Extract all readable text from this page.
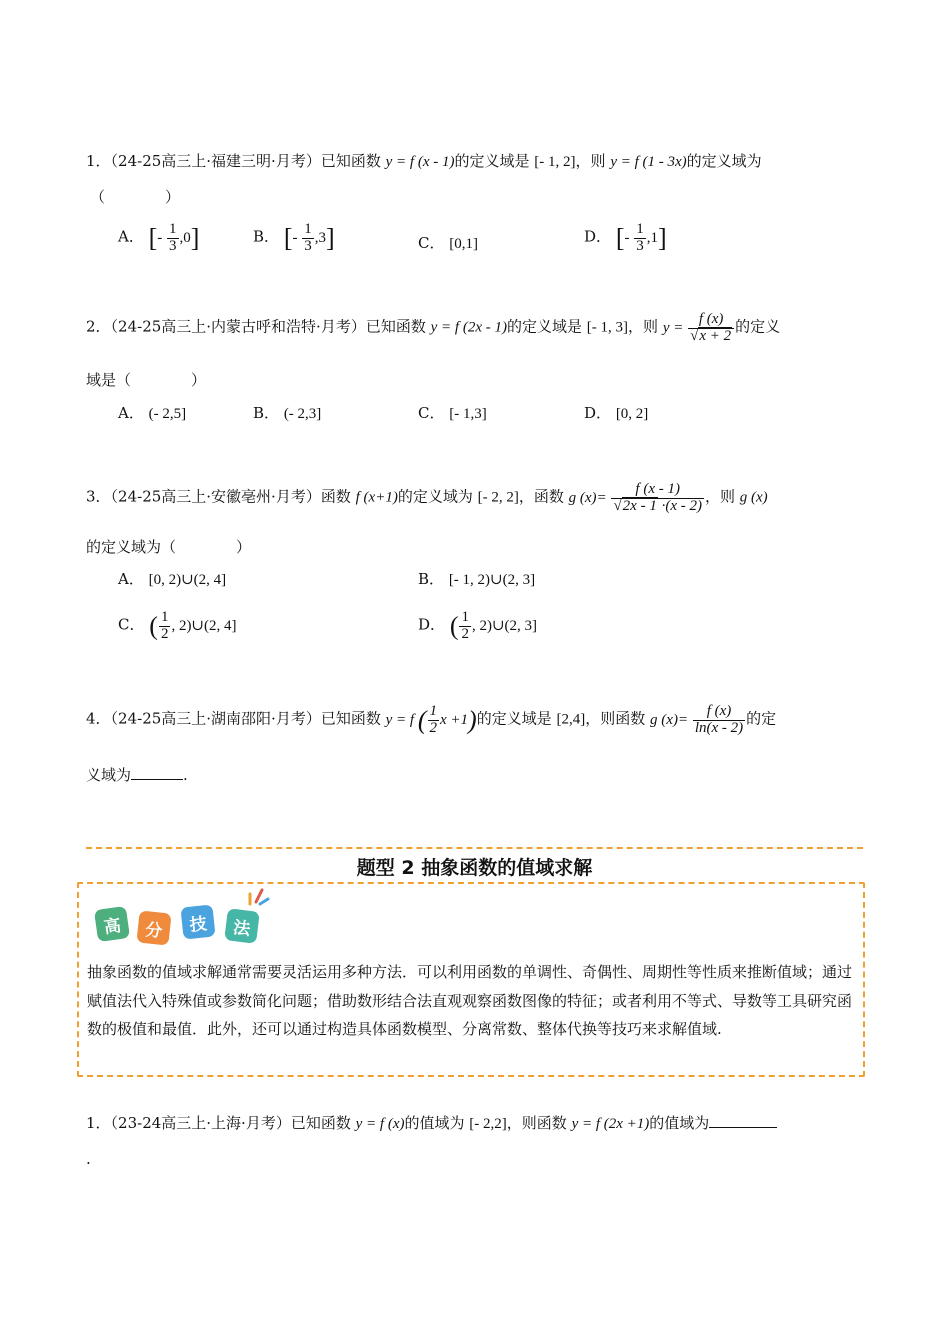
1．（24-25高三上·福建三明·月考）已知函数 y = f (x - 1)的定义域是 [- 1, 2]，则 y = f (1 - 3x)的定义域为
（　　　　）
A． [- $\frac{1}{3} ,0$]	B． [- $\frac{1}{3} ,3$]	C． [0,1]	D． [- $\frac{1}{3} ,1$]
2．（24-25高三上·内蒙古呼和浩特·月考）已知函数 y = f (2x - 1)的定义域是 [- 1, 3]，则 $y = \frac{f (x)}{√x + 2}$ 的定义
域是（　　　　）
A． (- 2,5]	B． (- 2,3]	C． [- 1,3]	D． [0, 2]
3．（24-25高三上·安徽亳州·月考）函数 f (x+1)的定义域为 [- 2, 2]，函数 g $(x)= \frac{f (x - 1)}{√2x - 1 \cdot(x - 2)}$ ，则 g (x)
的定义域为（　　　　）
A． [0, 2)∪(2, 4]	B． [- 1, 2)∪(2, 3]
C． ( $\frac{1}{2}$ , 2)∪(2, 4]	D． ( $\frac{1}{2}$ , 2)∪(2, 3]
4．（24-25高三上·湖南邵阳·月考）已知函数 y = f ( $\frac{1}{2}$ x +1)的定义域是 [2,4]，则函数 g $(x)= \frac{f (x)}{\ln(x - 2)}$ 的定
义域为	.
题型 2 抽象函数的值域求解
高	分	技	法
抽象函数的值域求解通常需要灵活运用多种方法．可以利用函数的单调性、奇偶性、周期性等性质来推断值域；通过赋值法代入特殊值或参数简化问题；借助数形结合法直观观察函数图像的特征；或者利用不等式、导数等工具研究函数的极值和最值．此外，还可以通过构造具体函数模型、分离常数、整体代换等技巧来求解值域.
1．（23-24高三上·上海·月考）已知函数 y = f (x)的值域为 [- 2,2]，则函数 y = f (2x +1)的值域为
.
